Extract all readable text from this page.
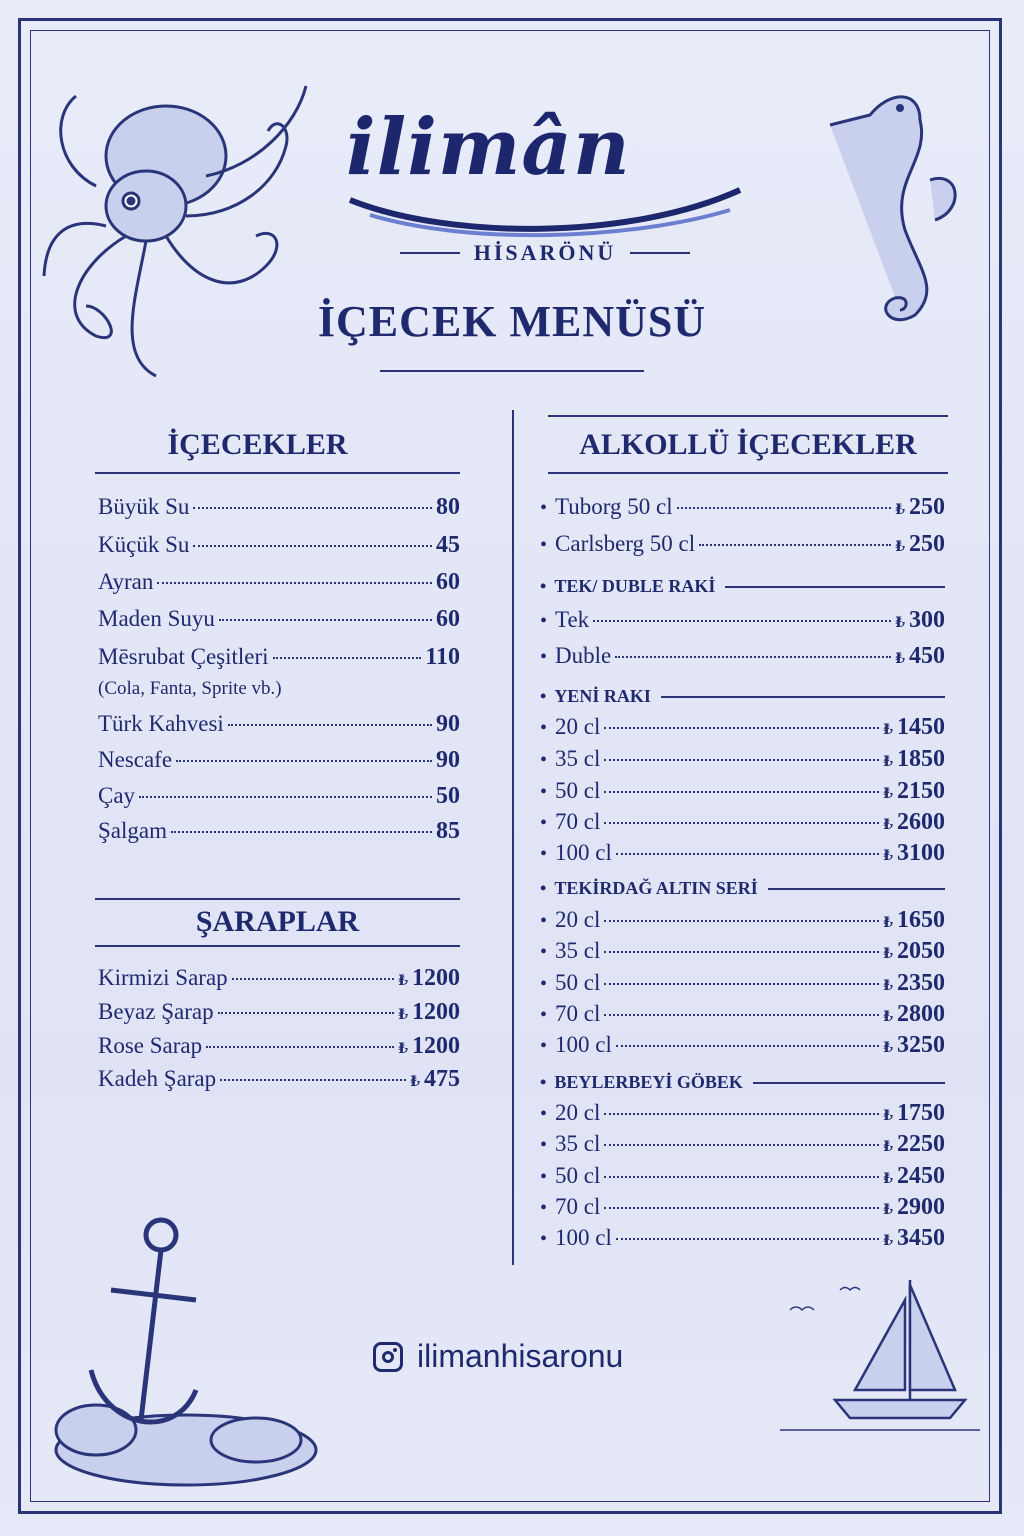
ilimân
HİSARÖNÜ
İÇECEK MENÜSÜ
İÇECEKLER
(Cola, Fanta, Sprite vb.)
ŞARAPLAR
ALKOLLÜ İÇECEKLER
ilimanhisaronu
Büyük Su	80
Küçük Su	45
Ayran	60
Maden Suyu	60
Mēsrubat Çeşitleri	110
Türk Kahvesi	90
Nescafe	90
Çay	50
Şalgam	85
Kirmizi Sarap	₺ 1200
Beyaz Şarap	₺ 1200
Rose Sarap	₺ 1200
Kadeh Şarap	₺ 475
• Tuborg 50 cl	₺ 250
• Carlsberg 50 cl	₺ 250
• TEK/ DUBLE RAKİ
• Tek	₺ 300
• Duble	₺ 450
• YENİ RAKI
• 20 cl	₺ 1450
• 35 cl	₺ 1850
• 50 cl	₺ 2150
• 70 cl	₺ 2600
• 100 cl	₺ 3100
• TEKİRDAĞ ALTIN SERİ
• 20 cl	₺ 1650
• 35 cl	₺ 2050
• 50 cl	₺ 2350
• 70 cl	₺ 2800
• 100 cl	₺ 3250
• BEYLERBEYİ GÖBEK
• 20 cl	₺ 1750
• 35 cl	₺ 2250
• 50 cl	₺ 2450
• 70 cl	₺ 2900
• 100 cl	₺ 3450
